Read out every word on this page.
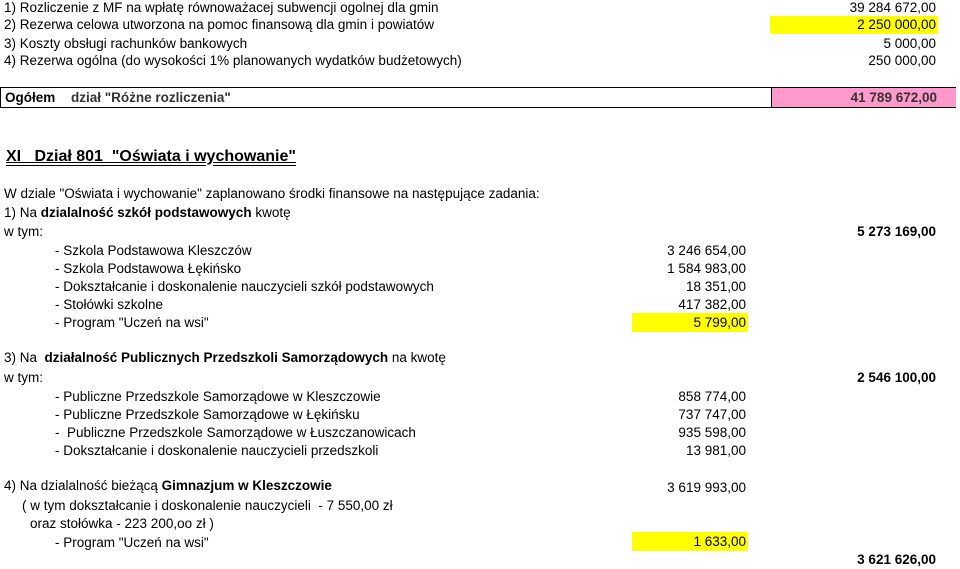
1) Rozliczenie z MF na wpłatę równoważacej subwencji ogolnej dla gmin	39 284 672,00
2) Rezerwa celowa utworzona na pomoc finansową dla gmin i powiatów	2 250 000,00
3) Koszty obsługi rachunków bankowych	5 000,00
4) Rezerwa ogólna (do wysokości 1% planowanych wydatków budżetowych)	250 000,00
Ogółem dział "Różne rozliczenia"	41 789 672,00
XI   Dział 801  "Oświata i wychowanie"
W dziale "Oświata i wychowanie" zaplanowano środki finansowe na następujące zadania:
1) Na dzialalność szkół podstawowych kwotę
w tym:	5 273 169,00
- Szkola Podstawowa Kleszczów	3 246 654,00
- Szkola Podstawowa Łękińsko	1 584 983,00
- Dokształcanie i doskonalenie nauczycieli szkół podstawowych	18 351,00
- Stołówki szkolne	417 382,00
- Program "Uczeń na wsi"	5 799,00
3) Na  działalność Publicznych Przedszkoli Samorządowych na kwotę
w tym:	2 546 100,00
- Publiczne Przedszkole Samorządowe w Kleszczowie	858 774,00
- Publiczne Przedszkole Samorządowe w Łękińsku	737 747,00
-  Publiczne Przedszkole Samorządowe w Łuszczanowicach	935 598,00
- Dokształcanie i doskonalenie nauczycieli przedszkoli	13 981,00
4) Na dzialalność bieżącą Gimnazjum w Kleszczowie	3 619 993,00
( w tym dokształcanie i doskonalenie nauczycieli  - 7 550,00 zł
oraz stołówka - 223 200,oo zł )
- Program "Uczeń na wsi"	1 633,00
3 621 626,00
